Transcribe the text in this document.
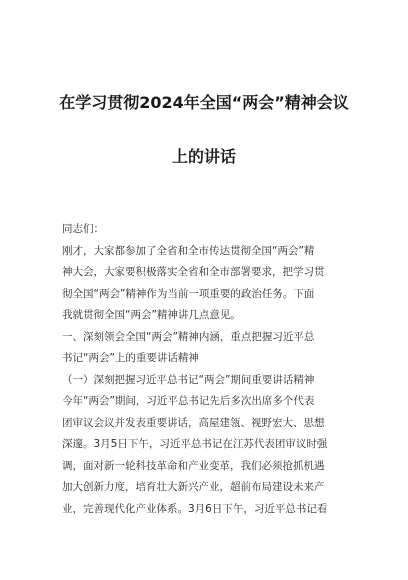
在学习贯彻2024年全国“两会”精神会议
上的讲话
同志们：
刚才，大家都参加了全省和全市传达贯彻全国“两会”精
神大会，大家要积极落实全省和全市部署要求，把学习贯
彻全国“两会”精神作为当前一项重要的政治任务。下面
我就贯彻全国“两会”精神讲几点意见。
一、深刻领会全国“两会”精神内涵，重点把握习近平总
书记“两会”上的重要讲话精神
（一）深刻把握习近平总书记“两会”期间重要讲话精神
今年“两会”期间，习近平总书记先后多次出席多个代表
团审议会议并发表重要讲话，高屋建瓴、视野宏大、思想
深邃。3月5日下午，习近平总书记在江苏代表团审议时强
调，面对新一轮科技革命和产业变革，我们必须抢抓机遇
加大创新力度，培育壮大新兴产业，超前布局建设未来产
业，完善现代化产业体系。3月6日下午，习近平总书记看
